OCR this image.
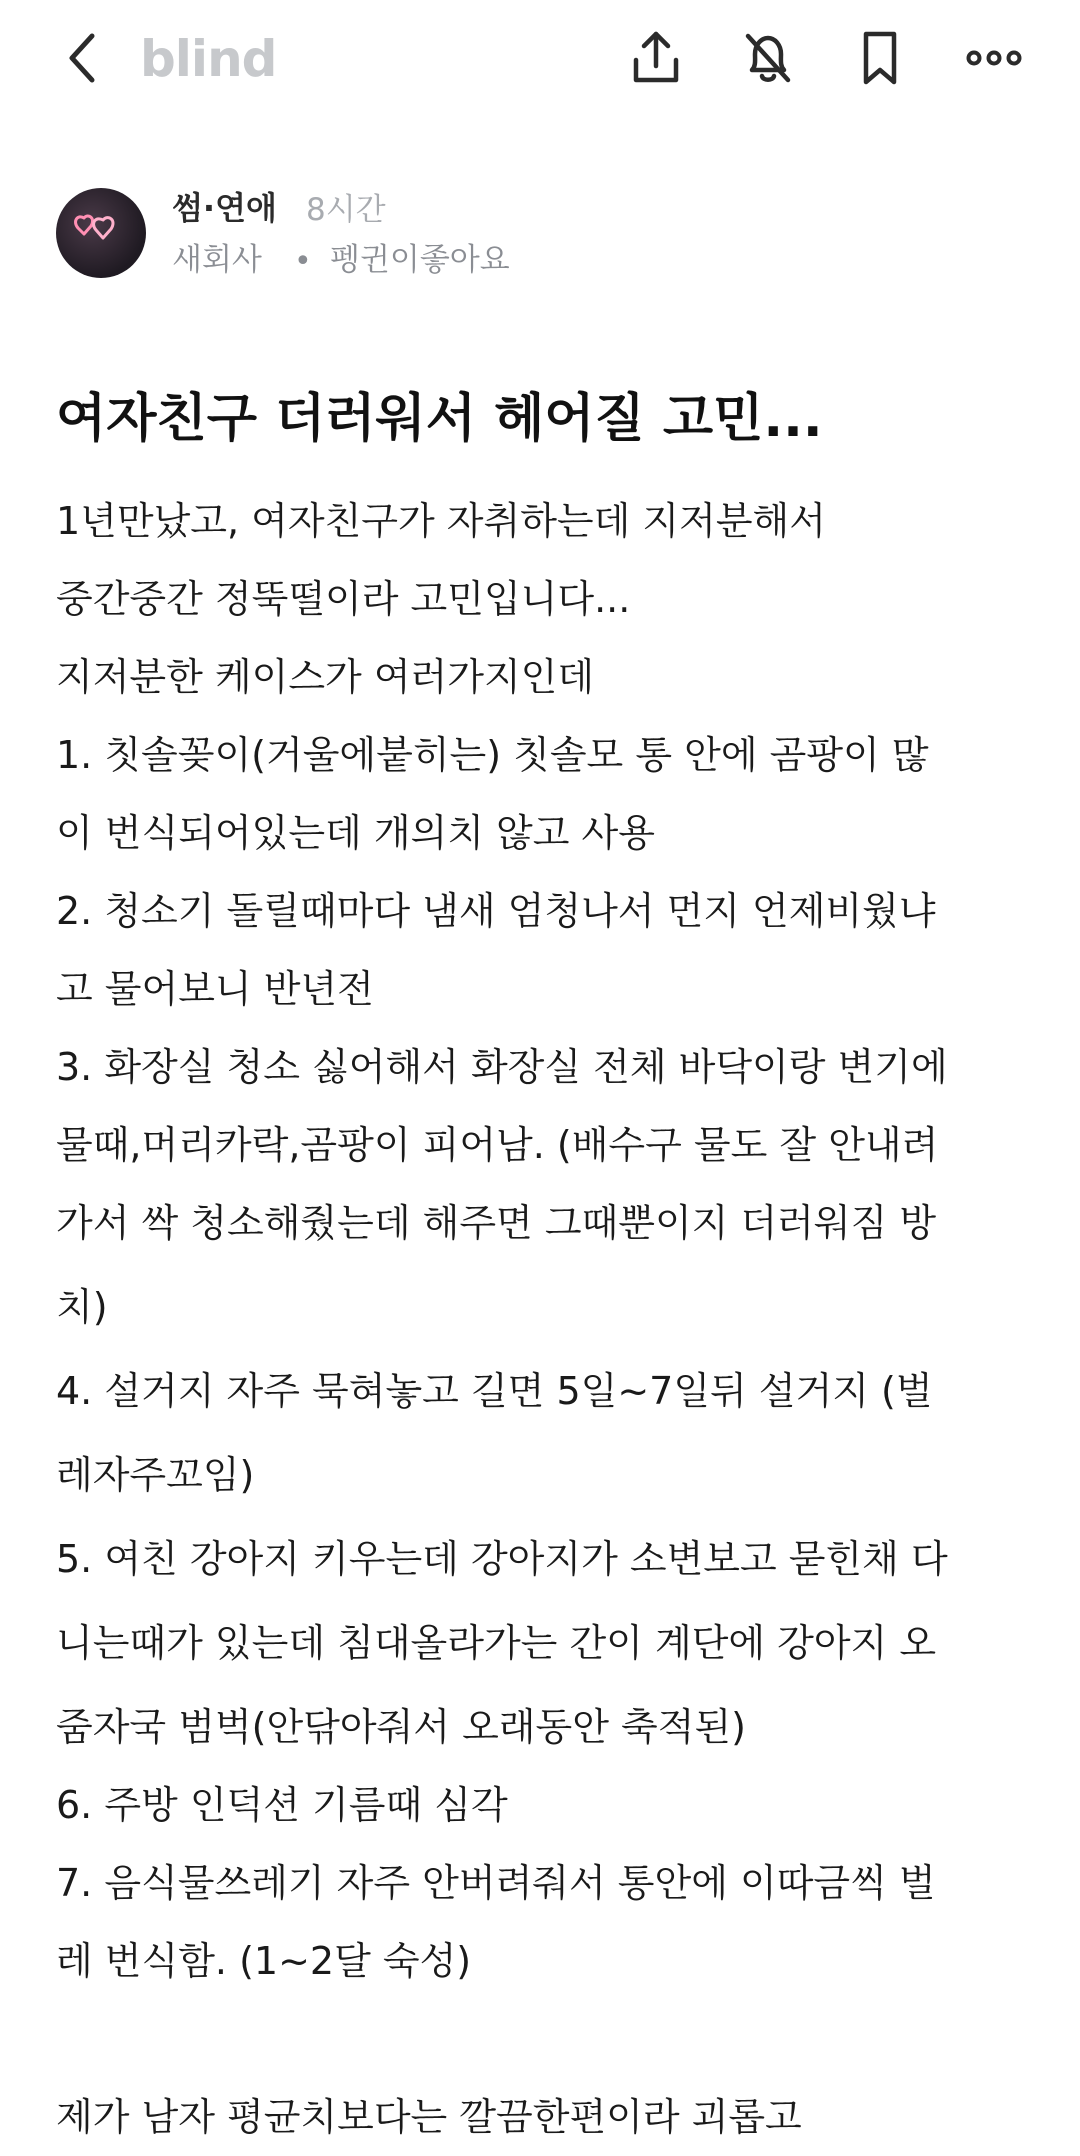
blind
썸·연애 8시간
새회사 • 펭귄이좋아요
여자친구 더러워서 헤어질 고민...
1년만났고, 여자친구가 자취하는데 지저분해서
중간중간 정뚝떨이라 고민입니다...
지저분한 케이스가 여러가지인데
1. 칫솔꽂이(거울에붙히는) 칫솔모 통 안에 곰팡이 많
이 번식되어있는데 개의치 않고 사용
2. 청소기 돌릴때마다 냄새 엄청나서 먼지 언제비웠냐
고 물어보니 반년전
3. 화장실 청소 싫어해서 화장실 전체 바닥이랑 변기에
물때,머리카락,곰팡이 피어남. (배수구 물도 잘 안내려
가서 싹 청소해줬는데 해주면 그때뿐이지 더러워짐 방
치)
4. 설거지 자주 묵혀놓고 길면 5일~7일뒤 설거지 (벌
레자주꼬임)
5. 여친 강아지 키우는데 강아지가 소변보고 묻힌채 다
니는때가 있는데 침대올라가는 간이 계단에 강아지 오
줌자국 범벅(안닦아줘서 오래동안 축적된)
6. 주방 인덕션 기름때 심각
7. 음식물쓰레기 자주 안버려줘서 통안에 이따금씩 벌
레 번식함. (1~2달 숙성)
제가 남자 평균치보다는 깔끔한편이라 괴롭고
